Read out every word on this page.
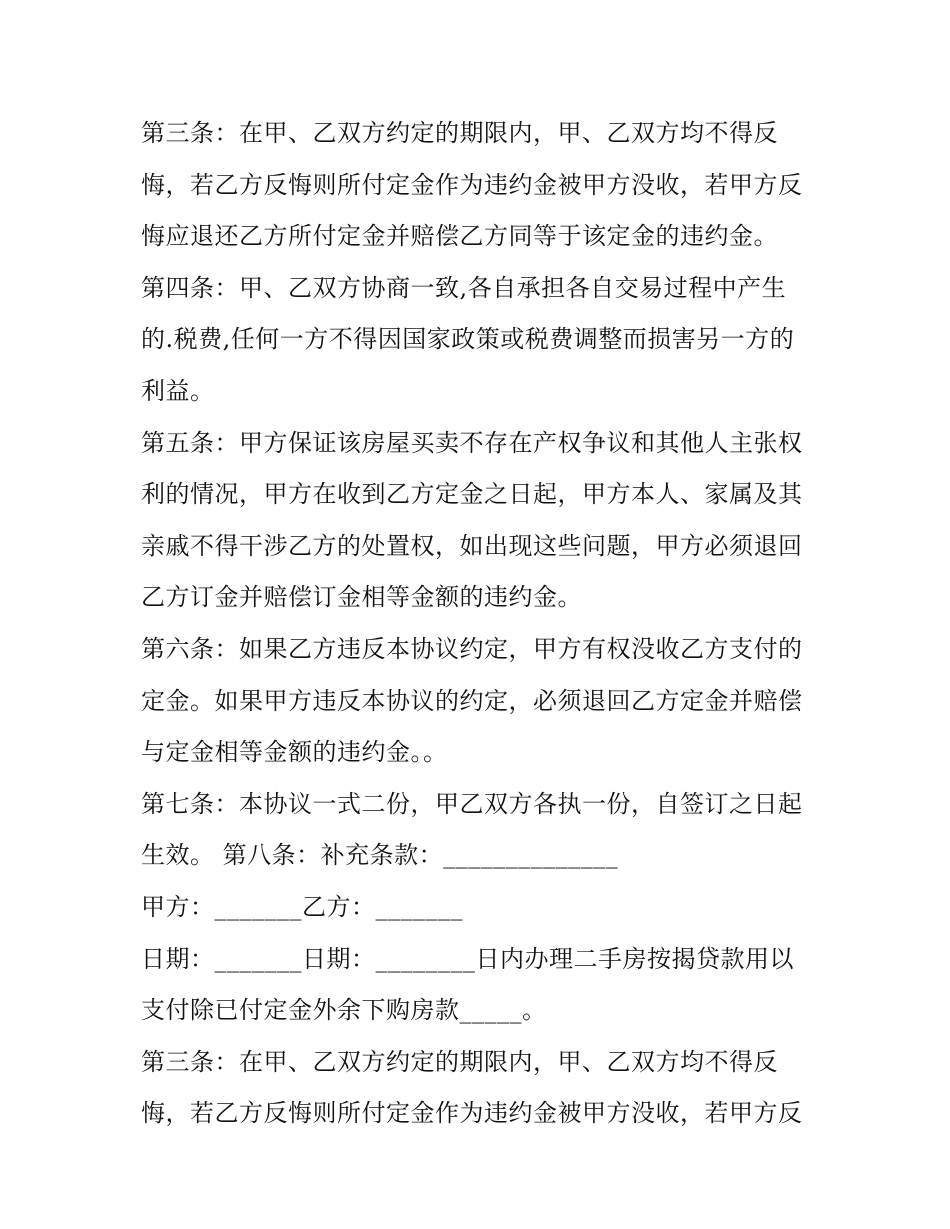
第三条：在甲、乙双方约定的期限内，甲、乙双方均不得反
悔，若乙方反悔则所付定金作为违约金被甲方没收，若甲方反
悔应退还乙方所付定金并赔偿乙方同等于该定金的违约金。
第四条：甲、乙双方协商一致,各自承担各自交易过程中产生
的.税费,任何一方不得因国家政策或税费调整而损害另一方的
利益。
第五条：甲方保证该房屋买卖不存在产权争议和其他人主张权
利的情况，甲方在收到乙方定金之日起，甲方本人、家属及其
亲戚不得干涉乙方的处置权，如出现这些问题，甲方必须退回
乙方订金并赔偿订金相等金额的违约金。
第六条：如果乙方违反本协议约定，甲方有权没收乙方支付的
定金。如果甲方违反本协议的约定，必须退回乙方定金并赔偿
与定金相等金额的违约金。。
第七条：本协议一式二份，甲乙双方各执一份，自签订之日起
生效。 第八条：补充条款：______________
甲方：_______乙方：_______
日期：_______日期：________日内办理二手房按揭贷款用以
支付除已付定金外余下购房款_____。
第三条：在甲、乙双方约定的期限内，甲、乙双方均不得反
悔，若乙方反悔则所付定金作为违约金被甲方没收，若甲方反
